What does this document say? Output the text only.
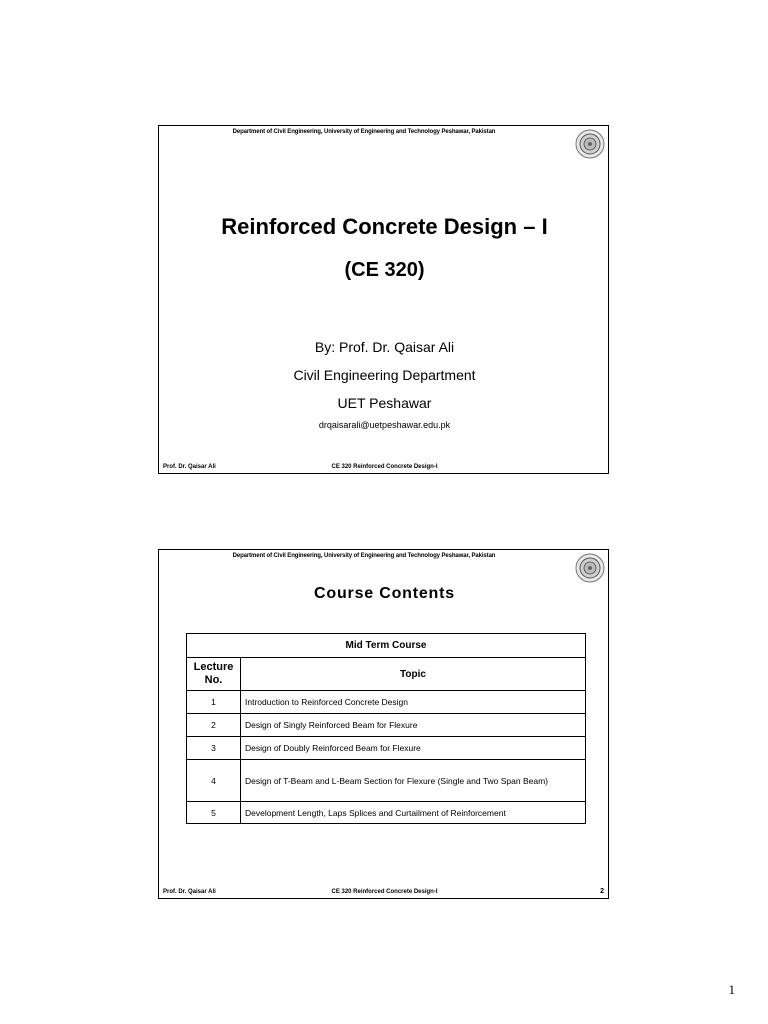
Department of Civil Engineering, University of Engineering and Technology Peshawar, Pakistan
Reinforced Concrete Design – I
(CE 320)
By: Prof. Dr. Qaisar Ali
Civil Engineering Department
UET Peshawar
drqaisarali@uetpeshawar.edu.pk
CE 320 Reinforced Concrete Design-I
Prof. Dr. Qaisar Ali
Department of Civil Engineering, University of Engineering and Technology Peshawar, Pakistan
Course Contents
Mid Term Course	
Lecture No.	Topic
1	Introduction to Reinforced Concrete Design
2	Design of Singly Reinforced Beam for Flexure
3	Design of Doubly Reinforced Beam for Flexure
4	Design of T-Beam and L-Beam Section for Flexure (Single and Two Span Beam)
5	Development Length, Laps Splices and Curtailment of Reinforcement
CE 320 Reinforced Concrete Design-I
Prof. Dr. Qaisar Ali	2
1
